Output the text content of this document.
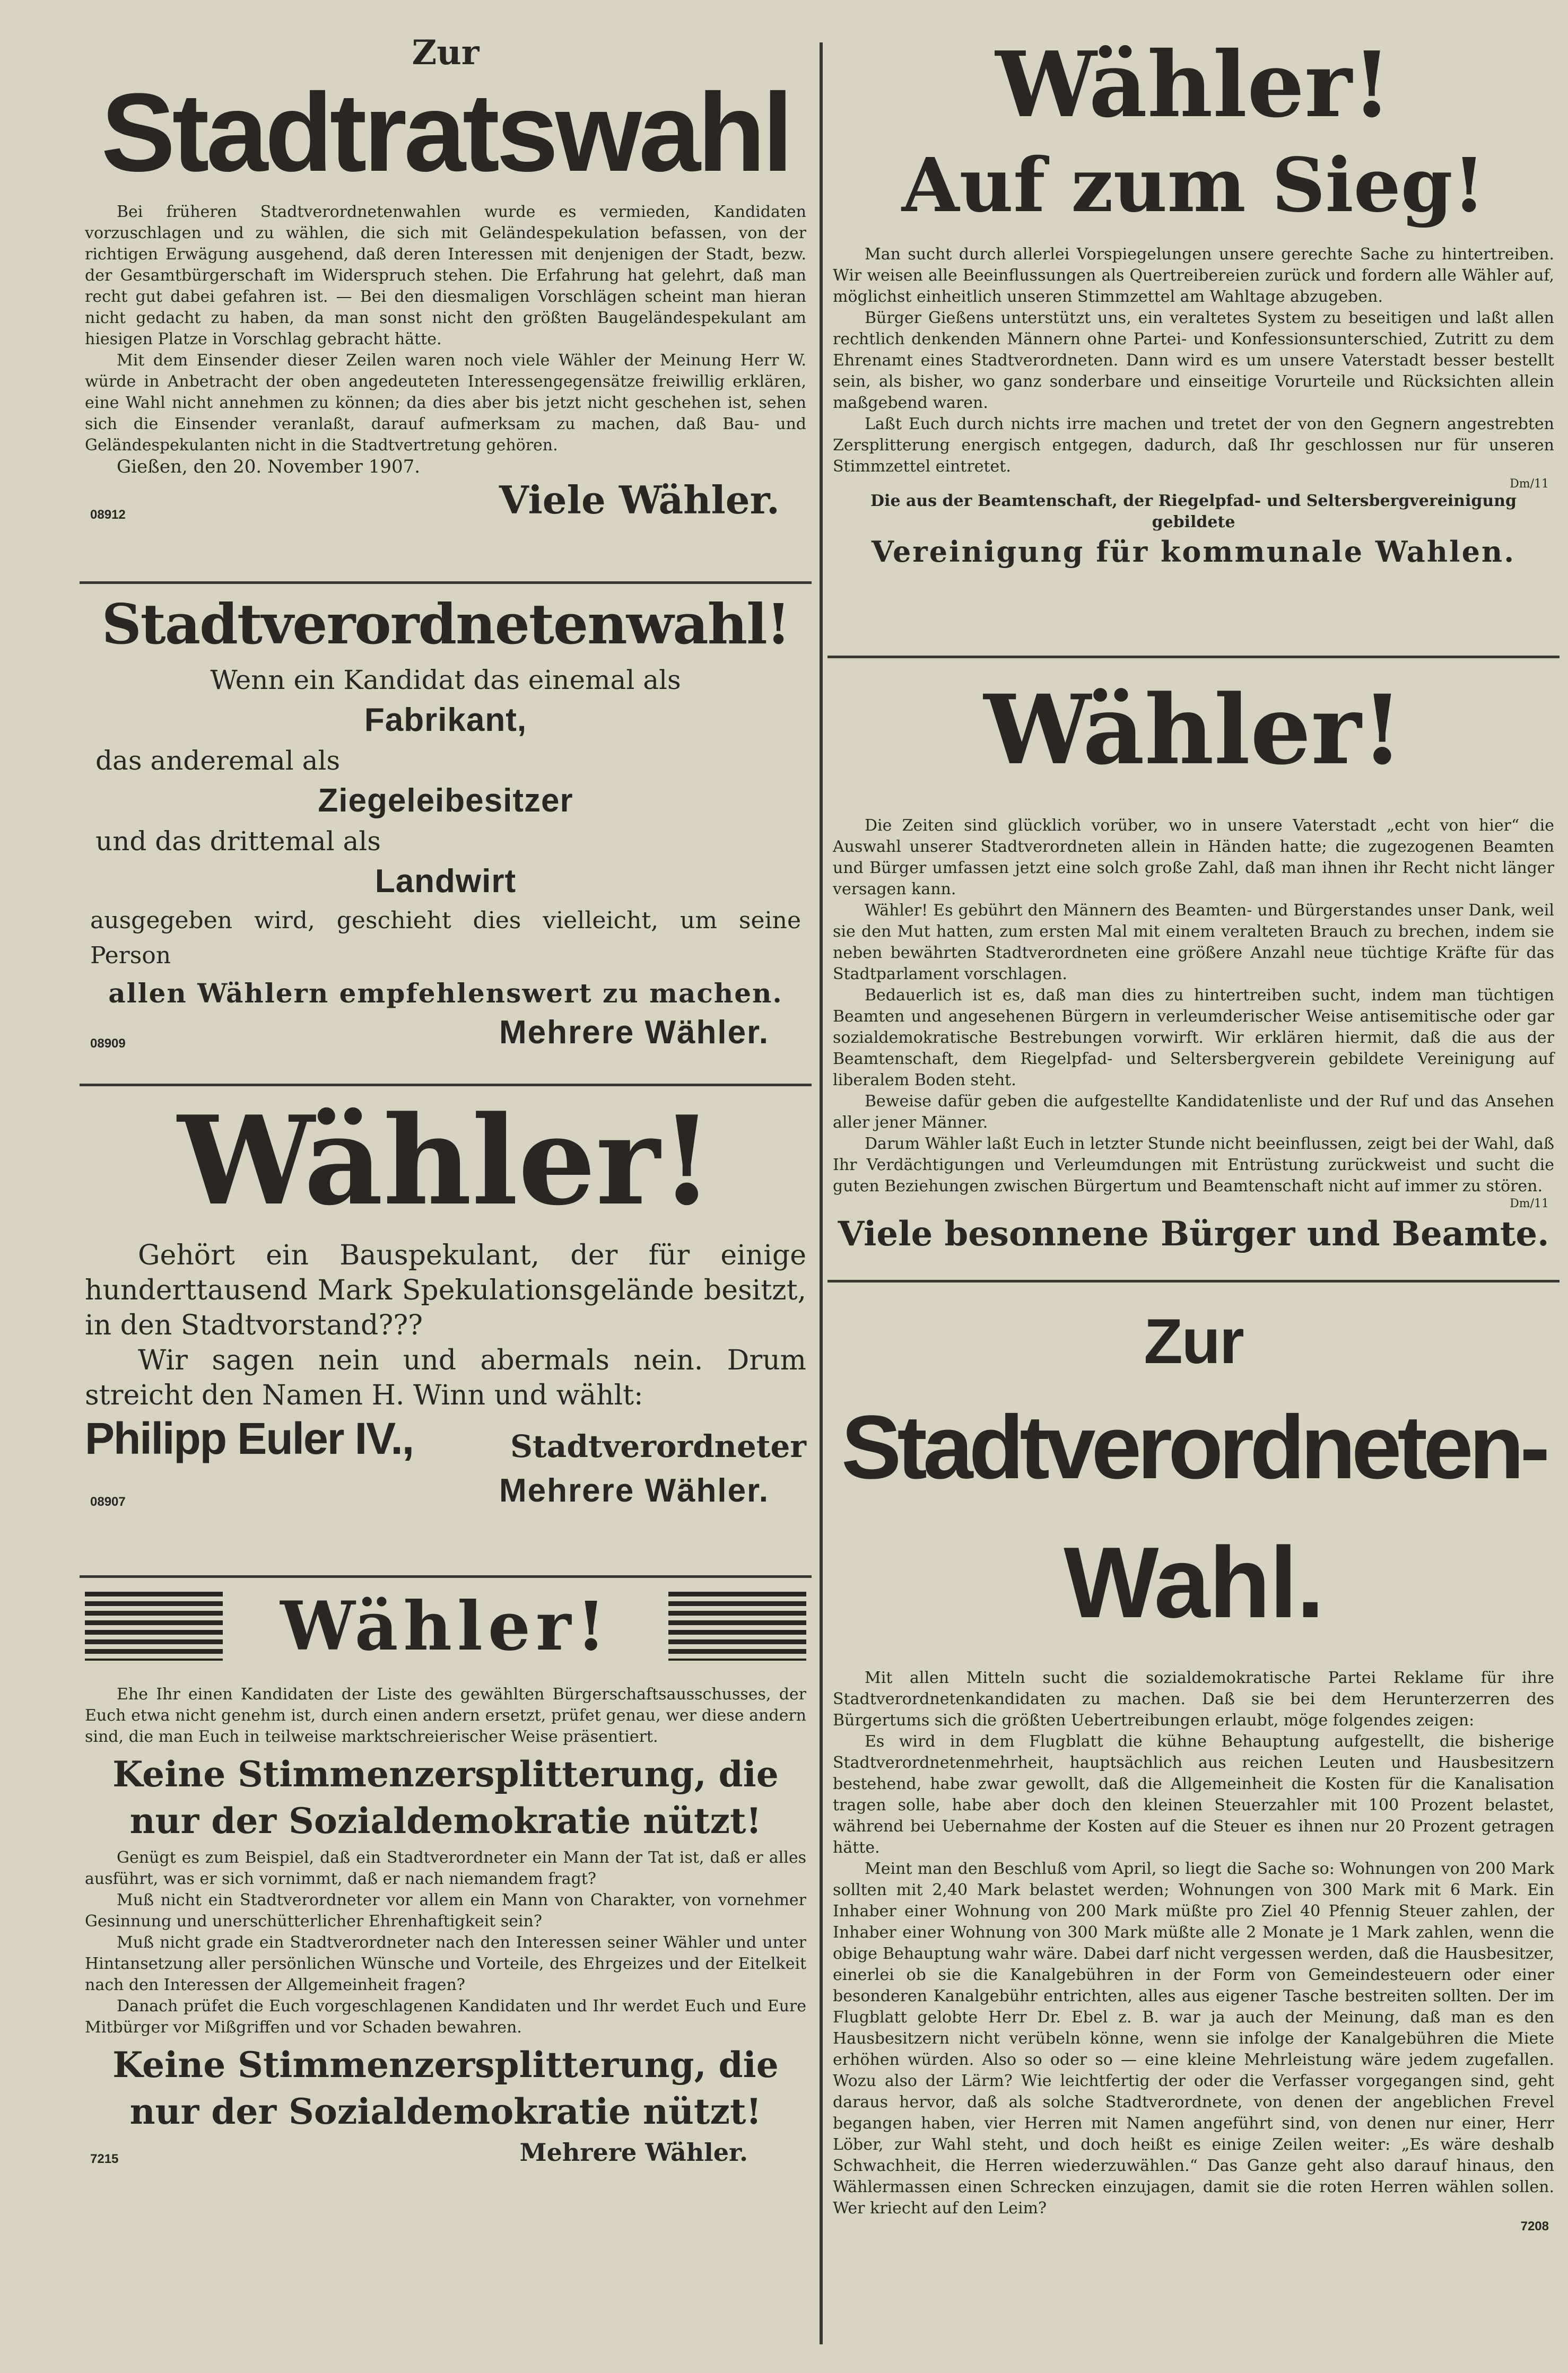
Zur
Stadtratswahl

Bei früheren Stadtverordnetenwahlen wurde es vermieden, Kandidaten vorzuschlagen und zu wählen, die sich mit Geländespekulation befassen, von der richtigen Erwägung ausgehend, daß deren Interessen mit denjenigen der Stadt, bezw. der Gesamtbürgerschaft im Widerspruch stehen. Die Erfahrung hat gelehrt, daß man recht gut dabei gefahren ist. — Bei den diesmaligen Vorschlägen scheint man hieran nicht gedacht zu haben, da man sonst nicht den größten Baugeländespekulant am hiesigen Platze in Vorschlag gebracht hätte.

Mit dem Einsender dieser Zeilen waren noch viele Wähler der Meinung Herr W. würde in Anbetracht der oben angedeuteten Interessengegensätze freiwillig erklären, eine Wahl nicht annehmen zu können; da dies aber bis jetzt nicht geschehen ist, sehen sich die Einsender veranlaßt, darauf aufmerksam zu machen, daß Bau- und Geländespekulanten nicht in die Stadtvertretung gehören.

Gießen, den 20. November 1907.

08912	Viele Wähler.
Stadtverordnetenwahl!
Wenn ein Kandidat das einemal als
Fabrikant,
das anderemal als
Ziegeleibesitzer
und das drittemal als
Landwirt
ausgegeben wird, geschieht dies vielleicht, um seine Person
allen Wählern empfehlenswert zu machen.
08909	Mehrere Wähler.
Wähler!

Gehört ein Bauspekulant, der für einige hunderttausend Mark Spekulationsgelände besitzt, in den Stadtvorstand???

Wir sagen nein und abermals nein. Drum streicht den Namen H. Winn und wählt:

Philipp Euler IV.,	Stadtverordneter
08907	Mehrere Wähler.
Wähler!

Ehe Ihr einen Kandidaten der Liste des gewählten Bürgerschaftsausschusses, der Euch etwa nicht genehm ist, durch einen andern ersetzt, prüfet genau, wer diese andern sind, die man Euch in teilweise marktschreierischer Weise präsentiert.

Keine Stimmenzersplitterung, die nur der Sozialdemokratie nützt!

Genügt es zum Beispiel, daß ein Stadtverordneter ein Mann der Tat ist, daß er alles ausführt, was er sich vornimmt, daß er nach niemandem fragt?

Muß nicht ein Stadtverordneter vor allem ein Mann von Charakter, von vornehmer Gesinnung und unerschütterlicher Ehrenhaftigkeit sein?

Muß nicht grade ein Stadtverordneter nach den Interessen seiner Wähler und unter Hintansetzung aller persönlichen Wünsche und Vorteile, des Ehrgeizes und der Eitelkeit nach den Interessen der Allgemeinheit fragen?

Danach prüfet die Euch vorgeschlagenen Kandidaten und Ihr werdet Euch und Eure Mitbürger vor Mißgriffen und vor Schaden bewahren.

Keine Stimmenzersplitterung, die nur der Sozialdemokratie nützt!
7215	Mehrere Wähler.
Wähler!
Auf zum Sieg!

Man sucht durch allerlei Vorspiegelungen unsere gerechte Sache zu hintertreiben. Wir weisen alle Beeinflussungen als Quertreibereien zurück und fordern alle Wähler auf, möglichst einheitlich unseren Stimmzettel am Wahltage abzugeben.

Bürger Gießens unterstützt uns, ein veraltetes System zu beseitigen und laßt allen rechtlich denkenden Männern ohne Partei- und Konfessionsunterschied, Zutritt zu dem Ehrenamt eines Stadtverordneten. Dann wird es um unsere Vaterstadt besser bestellt sein, als bisher, wo ganz sonderbare und einseitige Vorurteile und Rücksichten allein maßgebend waren.

Laßt Euch durch nichts irre machen und tretet der von den Gegnern angestrebten Zersplitterung energisch entgegen, dadurch, daß Ihr geschlossen nur für unseren Stimmzettel eintretet.

Dm/11
Die aus der Beamtenschaft, der Riegelpfad- und Seltersbergvereinigung gebildete
Vereinigung für kommunale Wahlen.
Wähler!

Die Zeiten sind glücklich vorüber, wo in unsere Vaterstadt „echt von hier“ die Auswahl unserer Stadtverordneten allein in Händen hatte; die zugezogenen Beamten und Bürger umfassen jetzt eine solch große Zahl, daß man ihnen ihr Recht nicht länger versagen kann.

Wähler! Es gebührt den Männern des Beamten- und Bürgerstandes unser Dank, weil sie den Mut hatten, zum ersten Mal mit einem veralteten Brauch zu brechen, indem sie neben bewährten Stadtverordneten eine größere Anzahl neue tüchtige Kräfte für das Stadtparlament vorschlagen.

Bedauerlich ist es, daß man dies zu hintertreiben sucht, indem man tüchtigen Beamten und angesehenen Bürgern in verleumderischer Weise antisemitische oder gar sozialdemokratische Bestrebungen vorwirft. Wir erklären hiermit, daß die aus der Beamtenschaft, dem Riegelpfad- und Seltersbergverein gebildete Vereinigung auf liberalem Boden steht.

Beweise dafür geben die aufgestellte Kandidatenliste und der Ruf und das Ansehen aller jener Männer.

Darum Wähler laßt Euch in letzter Stunde nicht beeinflussen, zeigt bei der Wahl, daß Ihr Verdächtigungen und Verleumdungen mit Entrüstung zurückweist und sucht die guten Beziehungen zwischen Bürgertum und Beamtenschaft nicht auf immer zu stören.

Dm/11
Viele besonnene Bürger und Beamte.
Zur
Stadtverordneten-
Wahl.

Mit allen Mitteln sucht die sozialdemokratische Partei Reklame für ihre Stadtverordnetenkandidaten zu machen. Daß sie bei dem Herunterzerren des Bürgertums sich die größten Uebertreibungen erlaubt, möge folgendes zeigen:

Es wird in dem Flugblatt die kühne Behauptung aufgestellt, die bisherige Stadtverordnetenmehrheit, hauptsächlich aus reichen Leuten und Hausbesitzern bestehend, habe zwar gewollt, daß die Allgemeinheit die Kosten für die Kanalisation tragen solle, habe aber doch den kleinen Steuerzahler mit 100 Prozent belastet, während bei Uebernahme der Kosten auf die Steuer es ihnen nur 20 Prozent getragen hätte.

Meint man den Beschluß vom April, so liegt die Sache so: Wohnungen von 200 Mark sollten mit 2,40 Mark belastet werden; Wohnungen von 300 Mark mit 6 Mark. Ein Inhaber einer Wohnung von 200 Mark müßte pro Ziel 40 Pfennig Steuer zahlen, der Inhaber einer Wohnung von 300 Mark müßte alle 2 Monate je 1 Mark zahlen, wenn die obige Behauptung wahr wäre. Dabei darf nicht vergessen werden, daß die Hausbesitzer, einerlei ob sie die Kanalgebühren in der Form von Gemeindesteuern oder einer besonderen Kanalgebühr entrichten, alles aus eigener Tasche bestreiten sollten. Der im Flugblatt gelobte Herr Dr. Ebel z. B. war ja auch der Meinung, daß man es den Hausbesitzern nicht verübeln könne, wenn sie infolge der Kanalgebühren die Miete erhöhen würden. Also so oder so — eine kleine Mehrleistung wäre jedem zugefallen. Wozu also der Lärm? Wie leichtfertig der oder die Verfasser vorgegangen sind, geht daraus hervor, daß als solche Stadtverordnete, von denen der angeblichen Frevel begangen haben, vier Herren mit Namen angeführt sind, von denen nur einer, Herr Löber, zur Wahl steht, und doch heißt es einige Zeilen weiter: „Es wäre deshalb Schwachheit, die Herren wiederzuwählen.“ Das Ganze geht also darauf hinaus, den Wählermassen einen Schrecken einzujagen, damit sie die roten Herren wählen sollen. Wer kriecht auf den Leim?

7208
